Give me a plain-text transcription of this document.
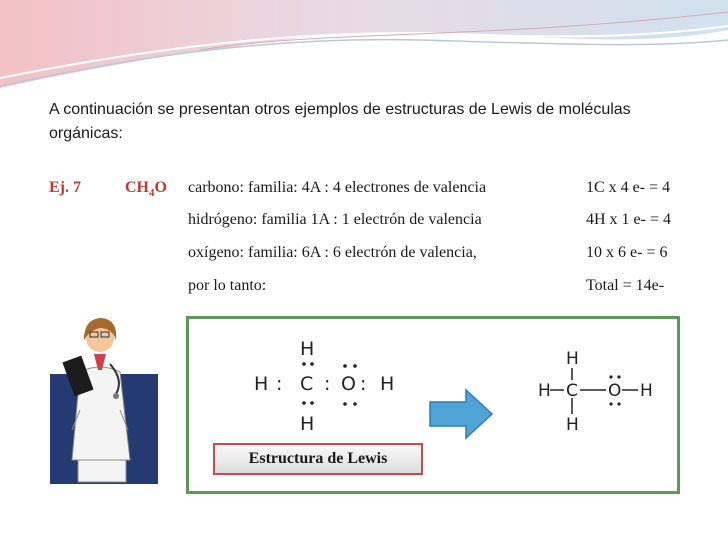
A continuación se presentan otros ejemplos de estructuras de Lewis de moléculas orgánicas:
Ej. 7	$CH_4O$ carbono: familia: 4A : 4 electrones de valencia	1C x 4 e- = 4
hidrógeno: familia 1A : 1 electrón de valencia	4H x 1 e- = 4
oxígeno: familia: 6A : 6 electrón de valencia,	10 x 6 e- = 6
por lo tanto:	Total = 14e-
H
H : C : O : H
H
H
H C O H
H
Estructura de Lewis
